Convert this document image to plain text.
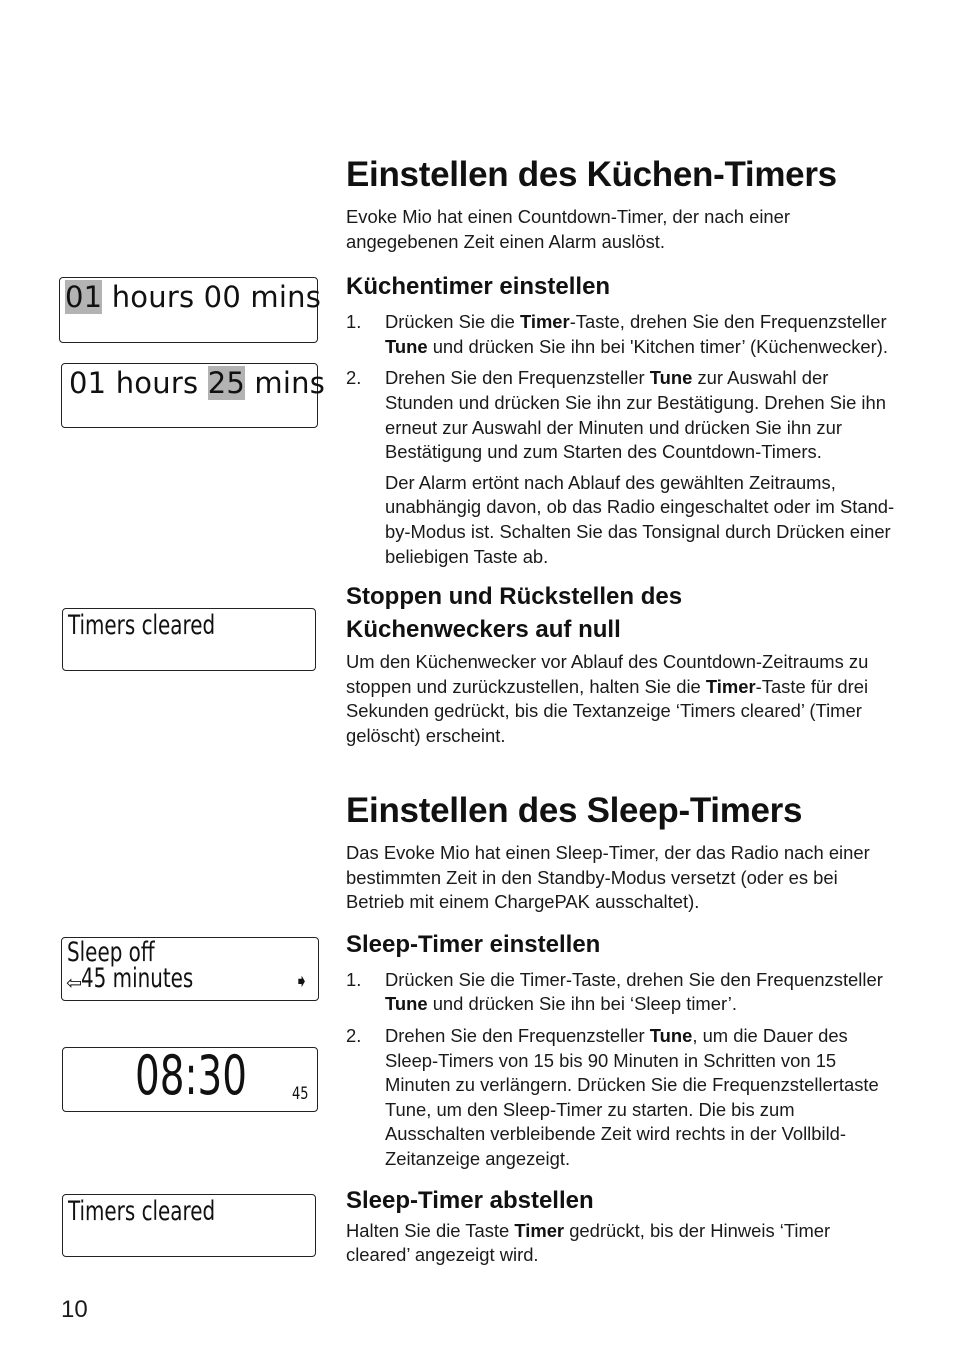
01 hours 00 mins
01 hours 25 mins
Timers cleared
Sleep off
⇦ 45 minutes	➧
08:30	45
Timers cleared
Einstellen des Küchen-Timers

Evoke Mio hat einen Countdown-Timer, der nach einer angegebenen Zeit einen Alarm auslöst.

Küchentimer einstellen
1. Drücken Sie die Timer-Taste, drehen Sie den Frequenzsteller Tune und drücken Sie ihn bei 'Kitchen timer’ (Küchenwecker).
2. Drehen Sie den Frequenzsteller Tune zur Auswahl der Stunden und drücken Sie ihn zur Bestätigung. Drehen Sie ihn erneut zur Auswahl der Minuten und drücken Sie ihn zur Bestätigung und zum Starten des Countdown-Timers.

Der Alarm ertönt nach Ablauf des gewählten Zeitraums, unabhängig davon, ob das Radio eingeschaltet oder im Stand-by-Modus ist. Schalten Sie das Tonsignal durch Drücken einer beliebigen Taste ab.

Stoppen und Rückstellen des Küchenweckers auf null

Um den Küchenwecker vor Ablauf des Countdown-Zeitraums zu stoppen und zurückzustellen, halten Sie die Timer-Taste für drei Sekunden gedrückt, bis die Textanzeige ‘Timers cleared’ (Timer gelöscht) erscheint.

Einstellen des Sleep-Timers

Das Evoke Mio hat einen Sleep-Timer, der das Radio nach einer bestimmten Zeit in den Standby-Modus versetzt (oder es bei Betrieb mit einem ChargePAK ausschaltet).

Sleep-Timer einstellen
1. Drücken Sie die Timer-Taste, drehen Sie den Frequenzsteller Tune und drücken Sie ihn bei ‘Sleep timer’.
2. Drehen Sie den Frequenzsteller Tune, um die Dauer des Sleep-Timers von 15 bis 90 Minuten in Schritten von 15 Minuten zu verlängern. Drücken Sie die Frequenzstellertaste Tune, um den Sleep-Timer zu starten. Die bis zum Ausschalten verbleibende Zeit wird rechts in der Vollbild-Zeitanzeige angezeigt.
Sleep-Timer abstellen

Halten Sie die Taste Timer gedrückt, bis der Hinweis ‘Timer cleared’ angezeigt wird.

10
